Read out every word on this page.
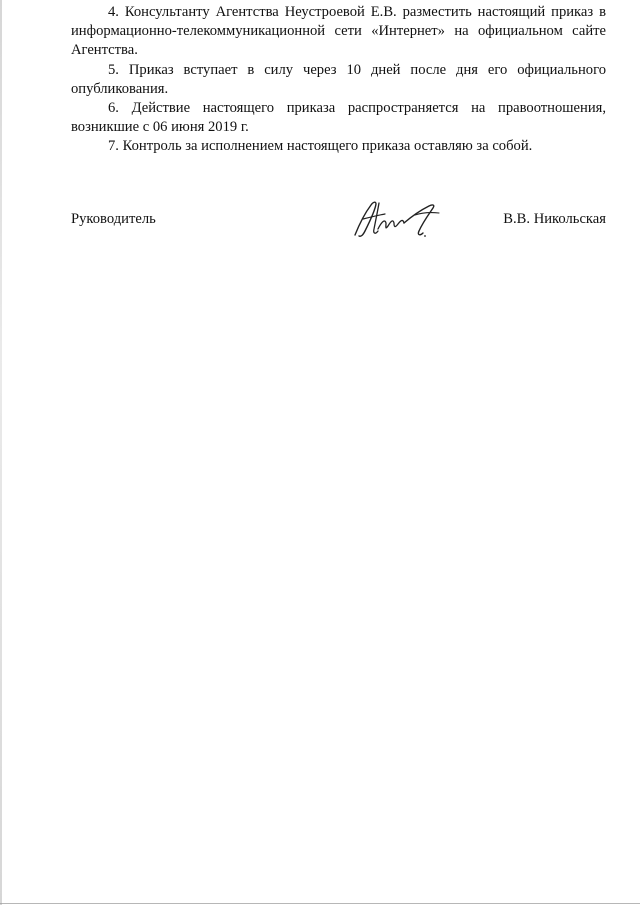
4. Консультанту Агентства Неустроевой Е.В. разместить настоящий приказ в информационно-телекоммуникационной сети «Интернет» на официальном сайте Агентства.

5. Приказ вступает в силу через 10 дней после дня его официального опубликования.

6. Действие настоящего приказа распространяется на правоотношения, возникшие с 06 июня 2019 г.

7. Контроль за исполнением настоящего приказа оставляю за собой.

Руководитель	В.В. Никольская
